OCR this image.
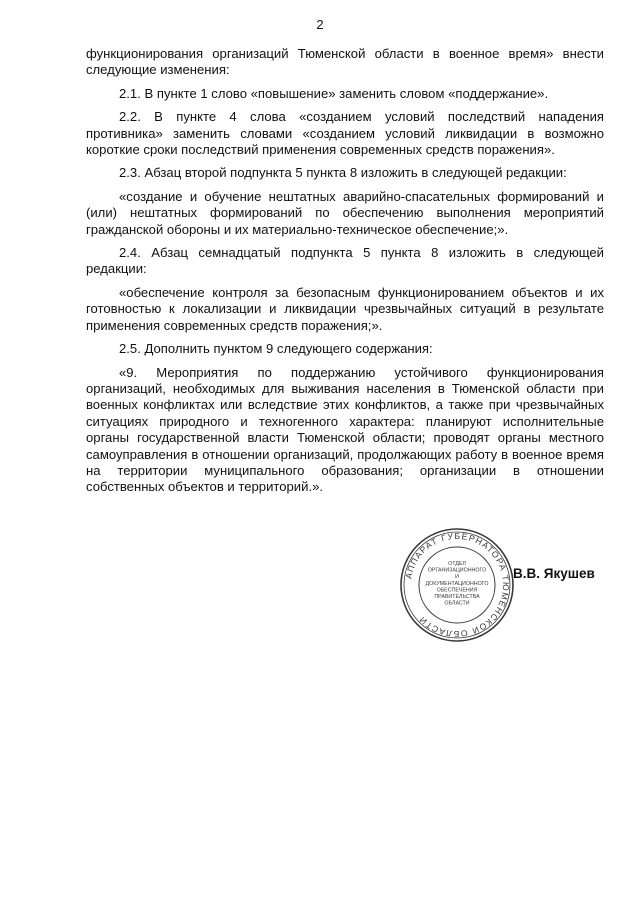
2

функционирования организаций Тюменской области в военное время» внести следующие изменения:

2.1. В пункте 1 слово «повышение» заменить словом «поддержание».

2.2. В пункте 4 слова «созданием условий последствий нападения противника» заменить словами «созданием условий ликвидации в возможно короткие сроки последствий применения современных средств поражения».

2.3. Абзац второй подпункта 5 пункта 8 изложить в следующей редакции:

«создание и обучение нештатных аварийно-спасательных формирований и (или) нештатных формирований по обеспечению выполнения мероприятий гражданской обороны и их материально-техническое обеспечение;».

2.4. Абзац семнадцатый подпункта 5 пункта 8 изложить в следующей редакции:

«обеспечение контроля за безопасным функционированием объектов и их готовностью к локализации и ликвидации чрезвычайных ситуаций в результате применения современных средств поражения;».

2.5. Дополнить пунктом 9 следующего содержания:

«9. Мероприятия по поддержанию устойчивого функционирования организаций, необходимых для выживания населения в Тюменской области при военных конфликтах или вследствие этих конфликтов, а также при чрезвычайных ситуациях природного и техногенного характера: планируют исполнительные органы государственной власти Тюменской области; проводят органы местного самоуправления в отношении организаций, продолжающих работу в военное время на территории муниципального образования; организации в отношении собственных объектов и территорий.».

АППАРАТ ГУБЕРНАТОРА ТЮМЕНСКОЙ ОБЛАСТИ
ОТДЕЛ
ОРГАНИЗАЦИОННОГО
И
ДОКУМЕНТАЦИОННОГО
ОБЕСПЕЧЕНИЯ
ПРАВИТЕЛЬСТВА
ОБЛАСТИ
В.В. Якушев
